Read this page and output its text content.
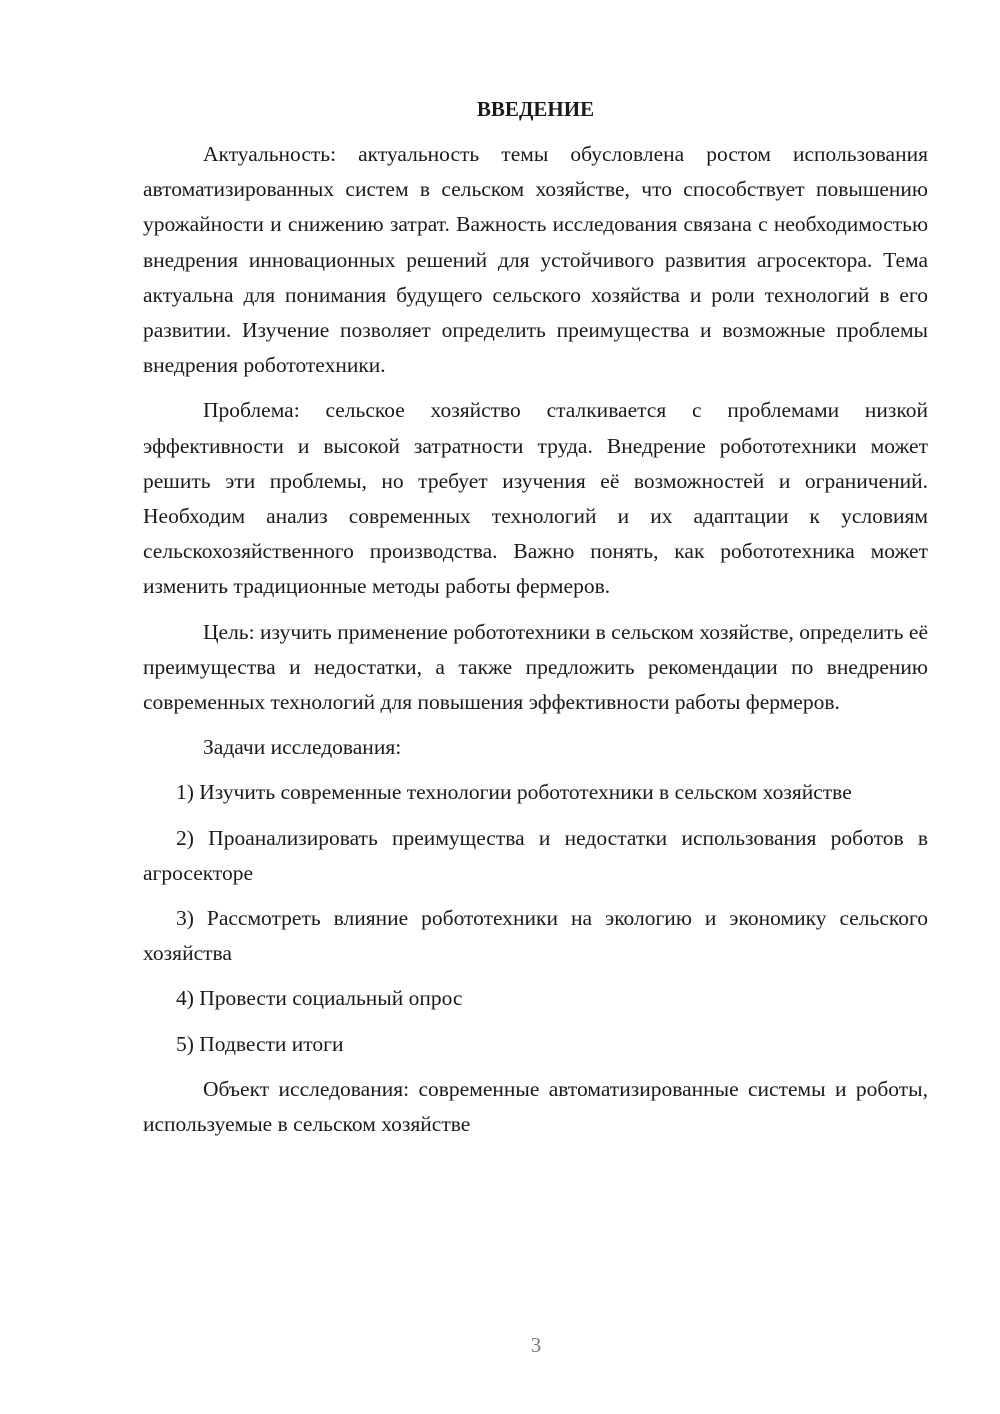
ВВЕДЕНИЕ

Актуальность: актуальность темы обусловлена ростом использования автоматизированных систем в сельском хозяйстве, что способствует повышению урожайности и снижению затрат. Важность исследования связана с необходимостью внедрения инновационных решений для устойчивого развития агросектора. Тема актуальна для понимания будущего сельского хозяйства и роли технологий в его развитии. Изучение позволяет определить преимущества и возможные проблемы внедрения робототехники.

Проблема: сельское хозяйство сталкивается с проблемами низкой эффективности и высокой затратности труда. Внедрение робототехники может решить эти проблемы, но требует изучения её возможностей и ограничений. Необходим анализ современных технологий и их адаптации к условиям сельскохозяйственного производства. Важно понять, как робототехника может изменить традиционные методы работы фермеров.

Цель: изучить применение робототехники в сельском хозяйстве, определить её преимущества и недостатки, а также предложить рекомендации по внедрению современных технологий для повышения эффективности работы фермеров.

Задачи исследования:

1) Изучить современные технологии робототехники в сельском хозяйстве

2) Проанализировать преимущества и недостатки использования роботов в агросекторе

3) Рассмотреть влияние робототехники на экологию и экономику сельского хозяйства

4) Провести социальный опрос

5) Подвести итоги

Объект исследования: современные автоматизированные системы и роботы, используемые в сельском хозяйстве

3
